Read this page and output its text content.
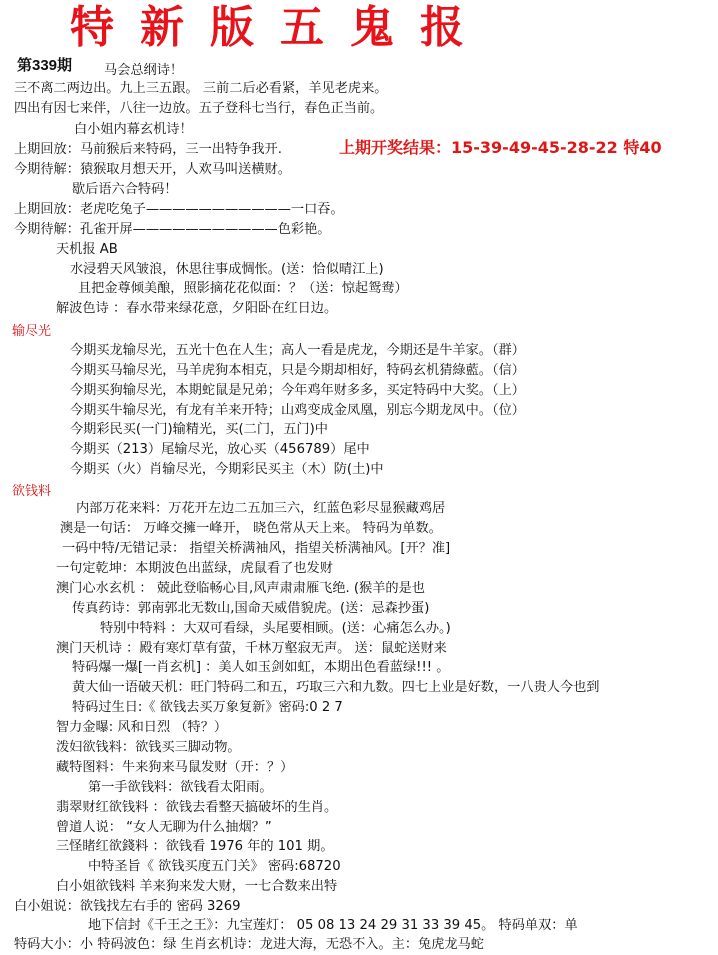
特新版五鬼报
第339期 马会总纲诗！
三不离二两边出。九上三五跟。 三前二后必看紧，羊见老虎来。
四出有因七来伴，八往一边放。五子登科七当行，春色正当前。
白小姐内幕玄机诗！
上期回放：马前猴后来特码，三一出特争我开.	上期开奖结果：15-39-49-45-28-22 特40
今期待解：猿猴取月想天开，人欢马叫送横财。
歇后语六合特码！
上期回放：老虎吃兔子———————————一口吞。
今期待解：孔雀开屏———————————色彩艳。
天机报 AB
水浸碧天风皱浪，休思往事成惆怅。(送：恰似晴江上)
且把金尊倾美酿，照影摘花花似面：？（送：惊起鸳鸯）
解波色诗 ：春水带来绿花意，夕阳卧在红日边。
输尽光
今期买龙输尽光，五光十色在人生；高人一看是虎龙，今期还是牛羊家。（群）
今期买马输尽光，马羊虎狗本相克，只是今期却相好，特码玄机猜綠藍。（信）
今期买狗输尽光，本期蛇鼠是兄弟；今年鸡年财多多，买定特码中大奖。（上）
今期买牛输尽光，有龙有羊来开特；山鸡变成金凤凰，别忘今期龙凤中。（位）
今期彩民买(一门)输精光，买(二门，五门)中
今期买（213）尾输尽光，放心买（456789）尾中
今期买（火）肖输尽光，今期彩民买主（木）防(土)中
欲钱料
内部万花来料：万花开左边二五加三六，红蓝色彩尽显猴藏鸡居
澳是一句话： 万峰交擁一峰开， 晓色常从天上来。 特码为单数。
一码中特/无错记录： 指望关桥满袖风，指望关桥满袖风。[开？准]
一句定乾坤：本期波色出蓝绿，虎鼠看了也发财
澳门心水玄机 ： 兢此登临畅心目,风声肃肃雁飞绝. (猴羊的是也
传真药诗：郭南郭北无数山,国命天威借貌虎。(送：忌森抄蛋)
特别中特料 ：大双可看绿，头尾要相顾。(送：心痛怎么办。)
澳门天机诗 ：殿有寒灯草有萤，千林万壑寂无声。 送：鼠蛇送财来
特码爆一爆[一肖玄机] ：美人如玉剑如虹，本期出色看蓝绿!!! 。
黄大仙一语破天机：旺门特码二和五，巧取三六和九数。四七上业是好数，一八贵人今也到
特码过生日:《 欲钱去买万象复新》密码:0 2 7
智力金曝: 风和日烈 （特？）
泼妇欲钱料：欲钱买三脚动物。
藏特图料：牛来狗来马鼠发财（开：？）
第一手欲钱料：欲钱看太阳雨。
翡翠财红欲钱料 ：欲钱去看整天搞破坏的生肖。
曾道人说： “女人无聊为什么抽烟？”
三怪睹红欲錢料 ：欲钱看 1976 年的 101 期。
中特圣旨《 欲钱买度五门关》 密码:68720
白小姐欲钱料 羊来狗来发大财，一七合数来出特
白小姐说：欲钱找左右手的 密码 3269
地下信封《千王之王》：九宝莲灯： 05 08 13 24 29 31 33 39 45。 特码单双：单
特码大小：小 特码波色：绿 生肖玄机诗：龙进大海，无恐不入。主：兔虎龙马蛇
